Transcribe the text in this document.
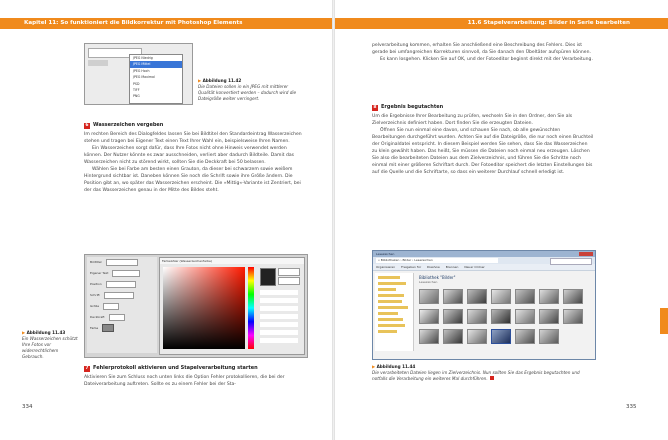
Kapitel 11: So funktioniert die Bildkorrektur mit Photoshop Elements
JPEG Niedrig
JPEG Mittel
JPEG Hoch
JPEG Maximal
PSD
TIFF
PNG
▶ Abbildung 11.42
Die Dateien sollen in ein JPEG mit mittlerer Qualität konvertiert werden – dadurch wird die Dateigröße weiter verringert.
6 Wasserzeichen vergeben

Im rechten Bereich des Dialogfeldes lassen Sie bei Bildtitel den Standardeintrag Wasserzeichen stehen und tragen bei Eigener Text einen Text Ihrer Wahl ein, beispielsweise Ihren Namen.

Ein Wasserzeichen sorgt dafür, dass Ihre Fotos nicht ohne Hinweis verwendet werden können. Der Nutzer könnte es zwar ausschneiden, verliert aber dadurch Bildteile. Damit das Wasserzeichen nicht zu störend wirkt, sollten Sie die Deckkraft bei 50 belassen.

Wählen Sie bei Farbe am besten einen Grauton, da dieser bei schwarzem sowie weißem Hintergrund sichtbar ist. Daneben können Sie noch die Schrift sowie ihre Größe ändern. Die Position gibt an, wo später das Wasserzeichen erscheint. Die »Mittig«-Variante ist Zentriert, bei der das Wasserzeichen genau in der Mitte des Bildes steht.

Bildtitel
Eigener Text
Position
Schrift
Größe
Deckkraft
Farbe
Farbwähler (Wasserzeichenfarbe)
▶ Abbildung 11.43
Ein Wasserzeichen schützt Ihre Fotos vor widerrechtlichem Gebrauch.
7 Fehlerprotokoll aktivieren und Stapelverarbeitung starten

Aktivieren Sie zum Schluss noch unten links die Option Fehler protokollieren, die bei der Dateiverarbeitung auftreten. Sollte es zu einem Fehler bei der Sta-

334
11.6 Stapelverarbeitung: Bilder in Serie bearbeiten

pelverarbeitung kommen, erhalten Sie anschließend eine Beschreibung des Fehlers. Dies ist gerade bei umfangreichen Korrekturen sinnvoll, da Sie danach den Übeltäter aufspüren können.

Es kann losgehen. Klicken Sie auf OK, und der Fotoeditor beginnt direkt mit der Verarbeitung.

8 Ergebnis begutachten

Um die Ergebnisse Ihrer Bearbeitung zu prüfen, wechseln Sie in den Ordner, den Sie als Zielverzeichnis definiert haben. Dort finden Sie die erzeugten Dateien.

Öffnen Sie nun einmal eine davon, und schauen Sie nach, ob alle gewünschten Bearbeitungen durchgeführt wurden. Achten Sie auf die Dateigröße, die nur noch einen Bruchteil der Originaldatei entspricht. In diesem Beispiel werden Sie sehen, dass Sie das Wasserzeichen zu klein gewählt haben. Das heißt, Sie müssen die Dateien noch einmal neu erzeugen. Löschen Sie also die bearbeiteten Dateien aus dem Zielverzeichnis, und führen Sie die Schritte noch einmal mit einer größeren Schriftart durch. Der Fotoeditor speichert die letzten Einstellungen bis auf die Quelle und die Schriftarte, so dass ein weiterer Durchlauf schnell erledigt ist.

Lesezeichen
« Bibliotheken › Bilder › Lesezeichen
Organisieren Freigeben für Diashow Brennen Neuer Ordner
Bibliothek "Bilder"
Lesezeichen
▶ Abbildung 11.44
Die verarbeiteten Dateien liegen im Zielverzeichnis. Nun sollten Sie das Ergebnis begutachten und notfalls die Verarbeitung ein weiteres Mal durchführen.
335
